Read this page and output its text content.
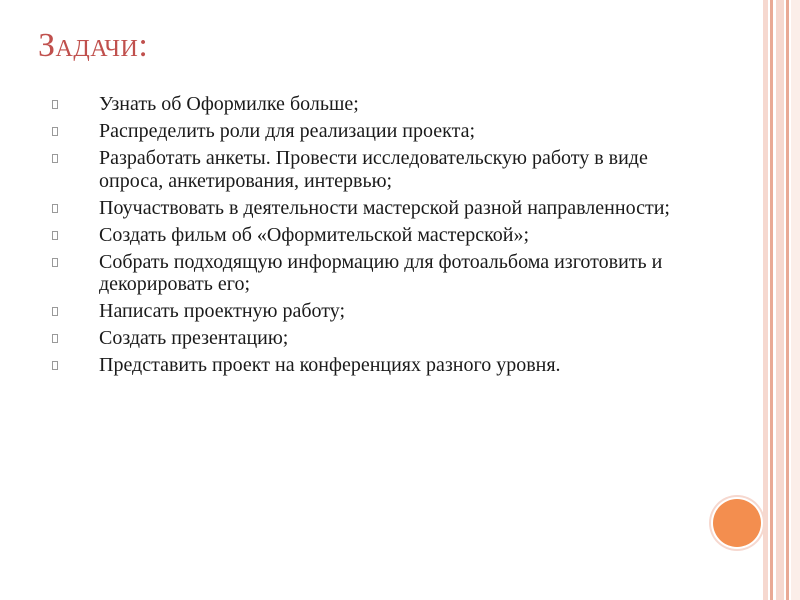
Задачи:
Узнать об Оформилке больше;
Распределить роли для реализации проекта;
Разработать анкеты. Провести исследовательскую работу в виде опроса, анкетирования, интервью;
Поучаствовать в деятельности мастерской разной направленности;
Создать фильм об «Оформительской мастерской»;
Собрать подходящую информацию для фотоальбома изготовить и декорировать его;
Написать проектную работу;
Создать презентацию;
Представить проект на конференциях разного уровня.
